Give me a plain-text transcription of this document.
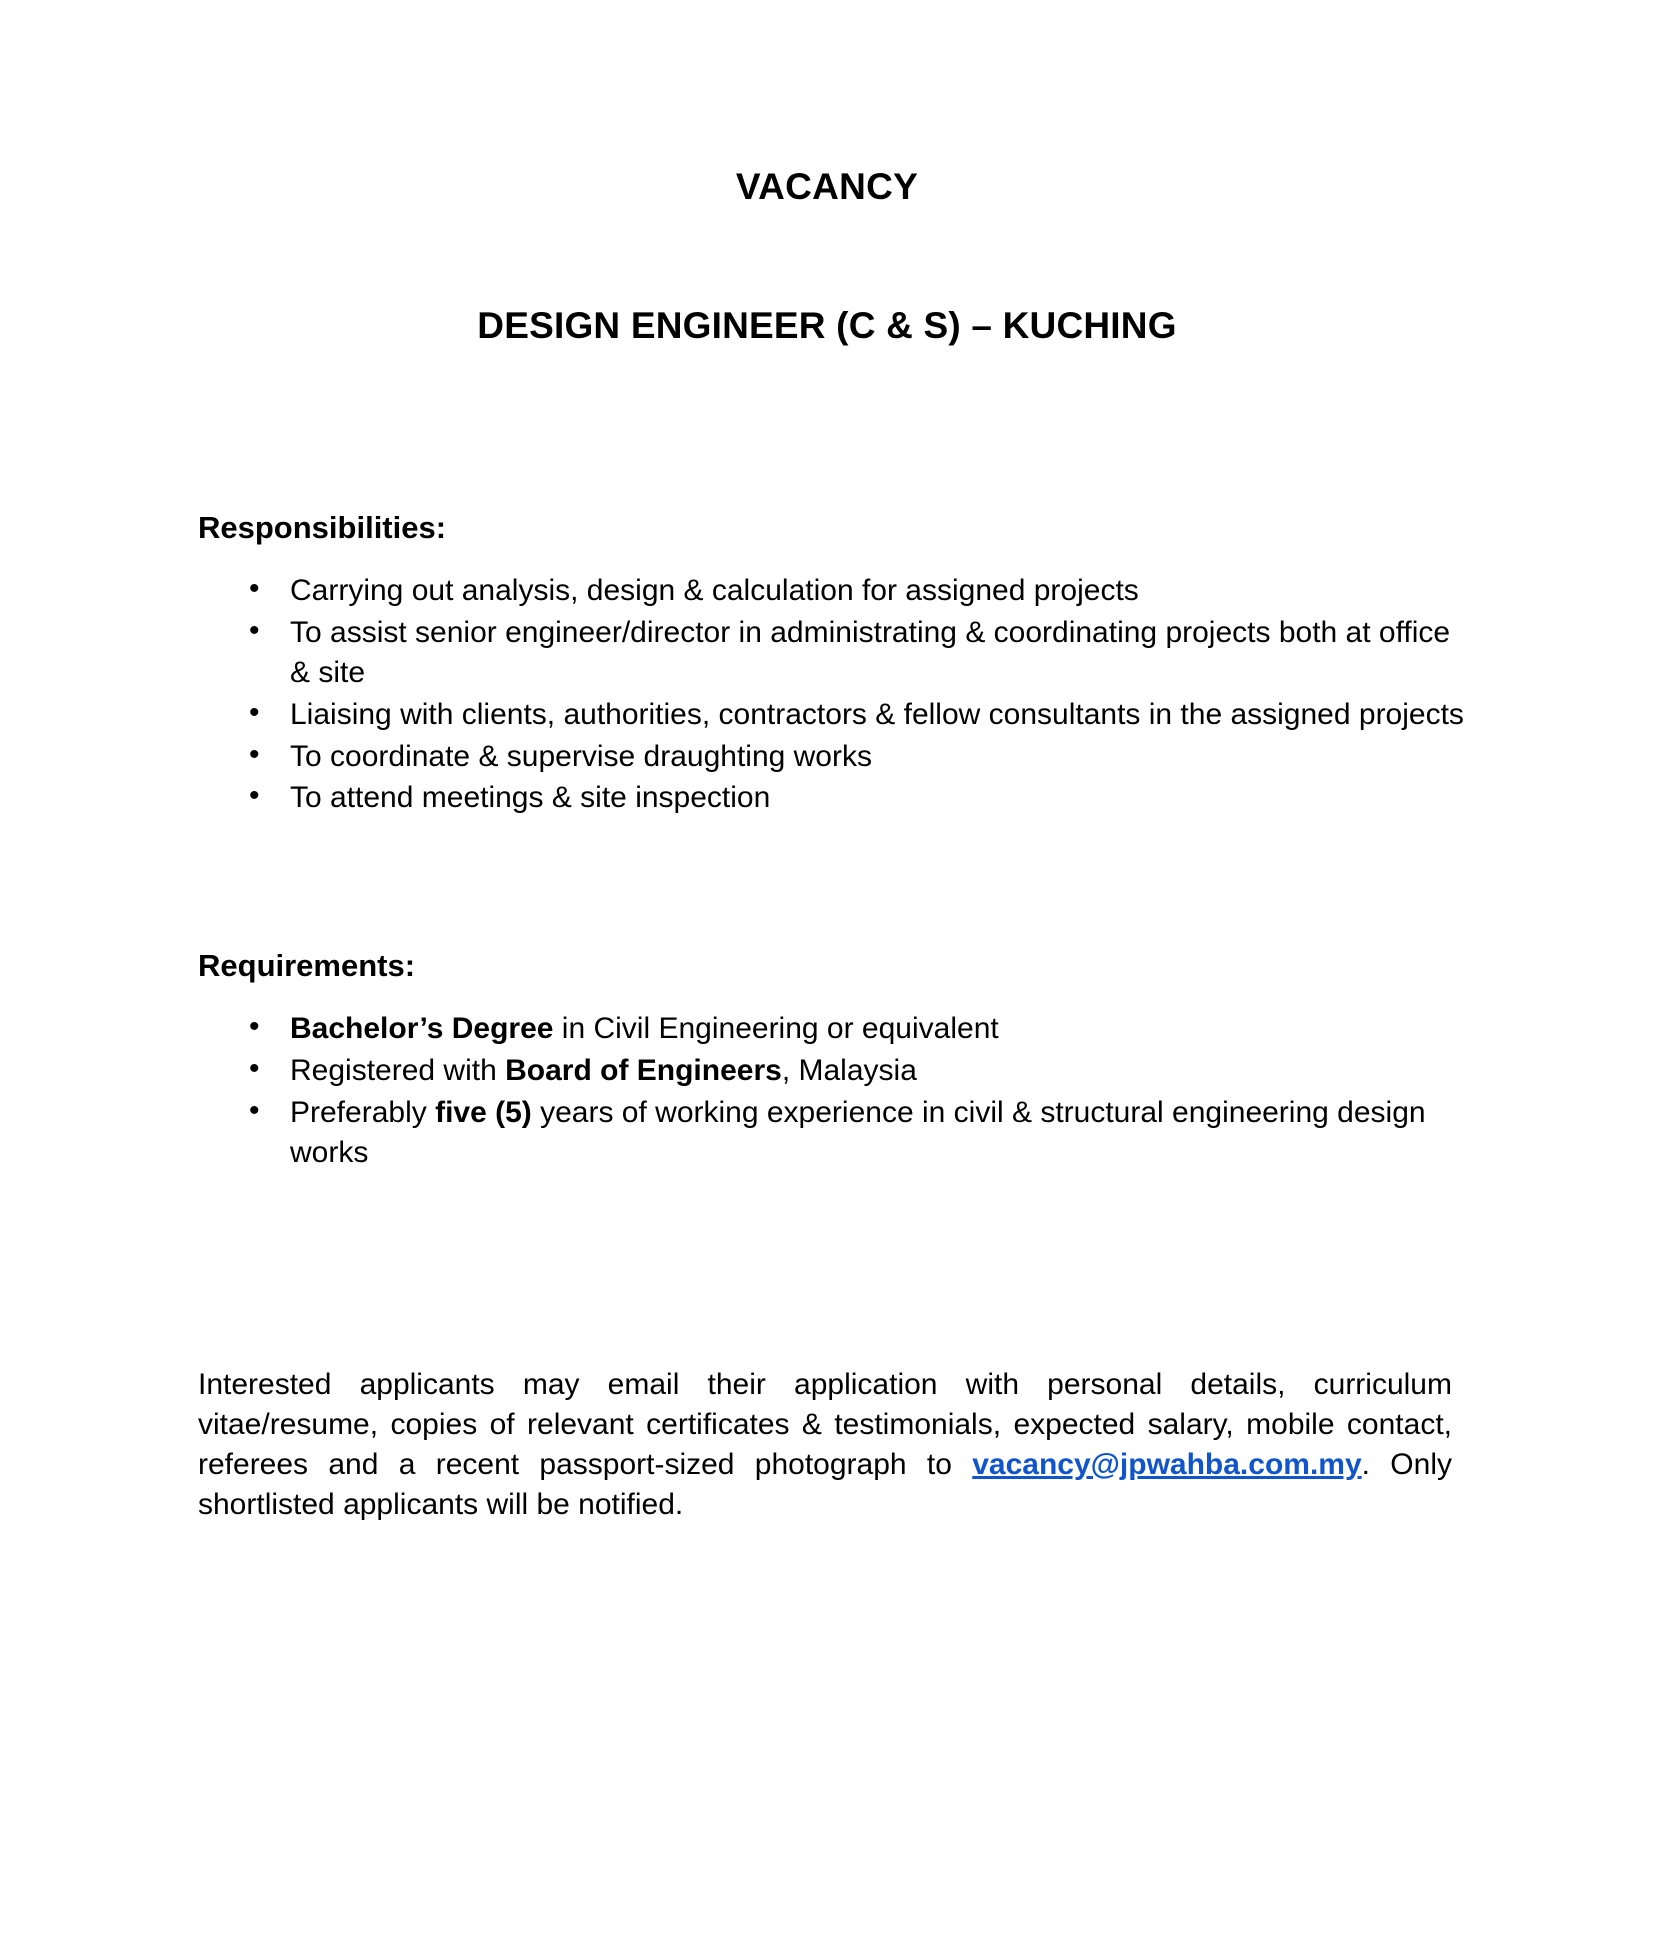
VACANCY
DESIGN ENGINEER (C & S) – KUCHING
Responsibilities:
• Carrying out analysis, design & calculation for assigned projects
• To assist senior engineer/director in administrating & coordinating projects both at office & site
• Liaising with clients, authorities, contractors & fellow consultants in the assigned projects
• To coordinate & supervise draughting works
• To attend meetings & site inspection
Requirements:
• Bachelor’s Degree in Civil Engineering or equivalent
• Registered with Board of Engineers, Malaysia
• Preferably five (5) years of working experience in civil & structural engineering design works
Interested applicants may email their application with personal details, curriculum vitae/resume, copies of relevant certificates & testimonials, expected salary, mobile contact, referees and a recent passport-sized photograph to vacancy@jpwahba.com.my. Only shortlisted applicants will be notified.
